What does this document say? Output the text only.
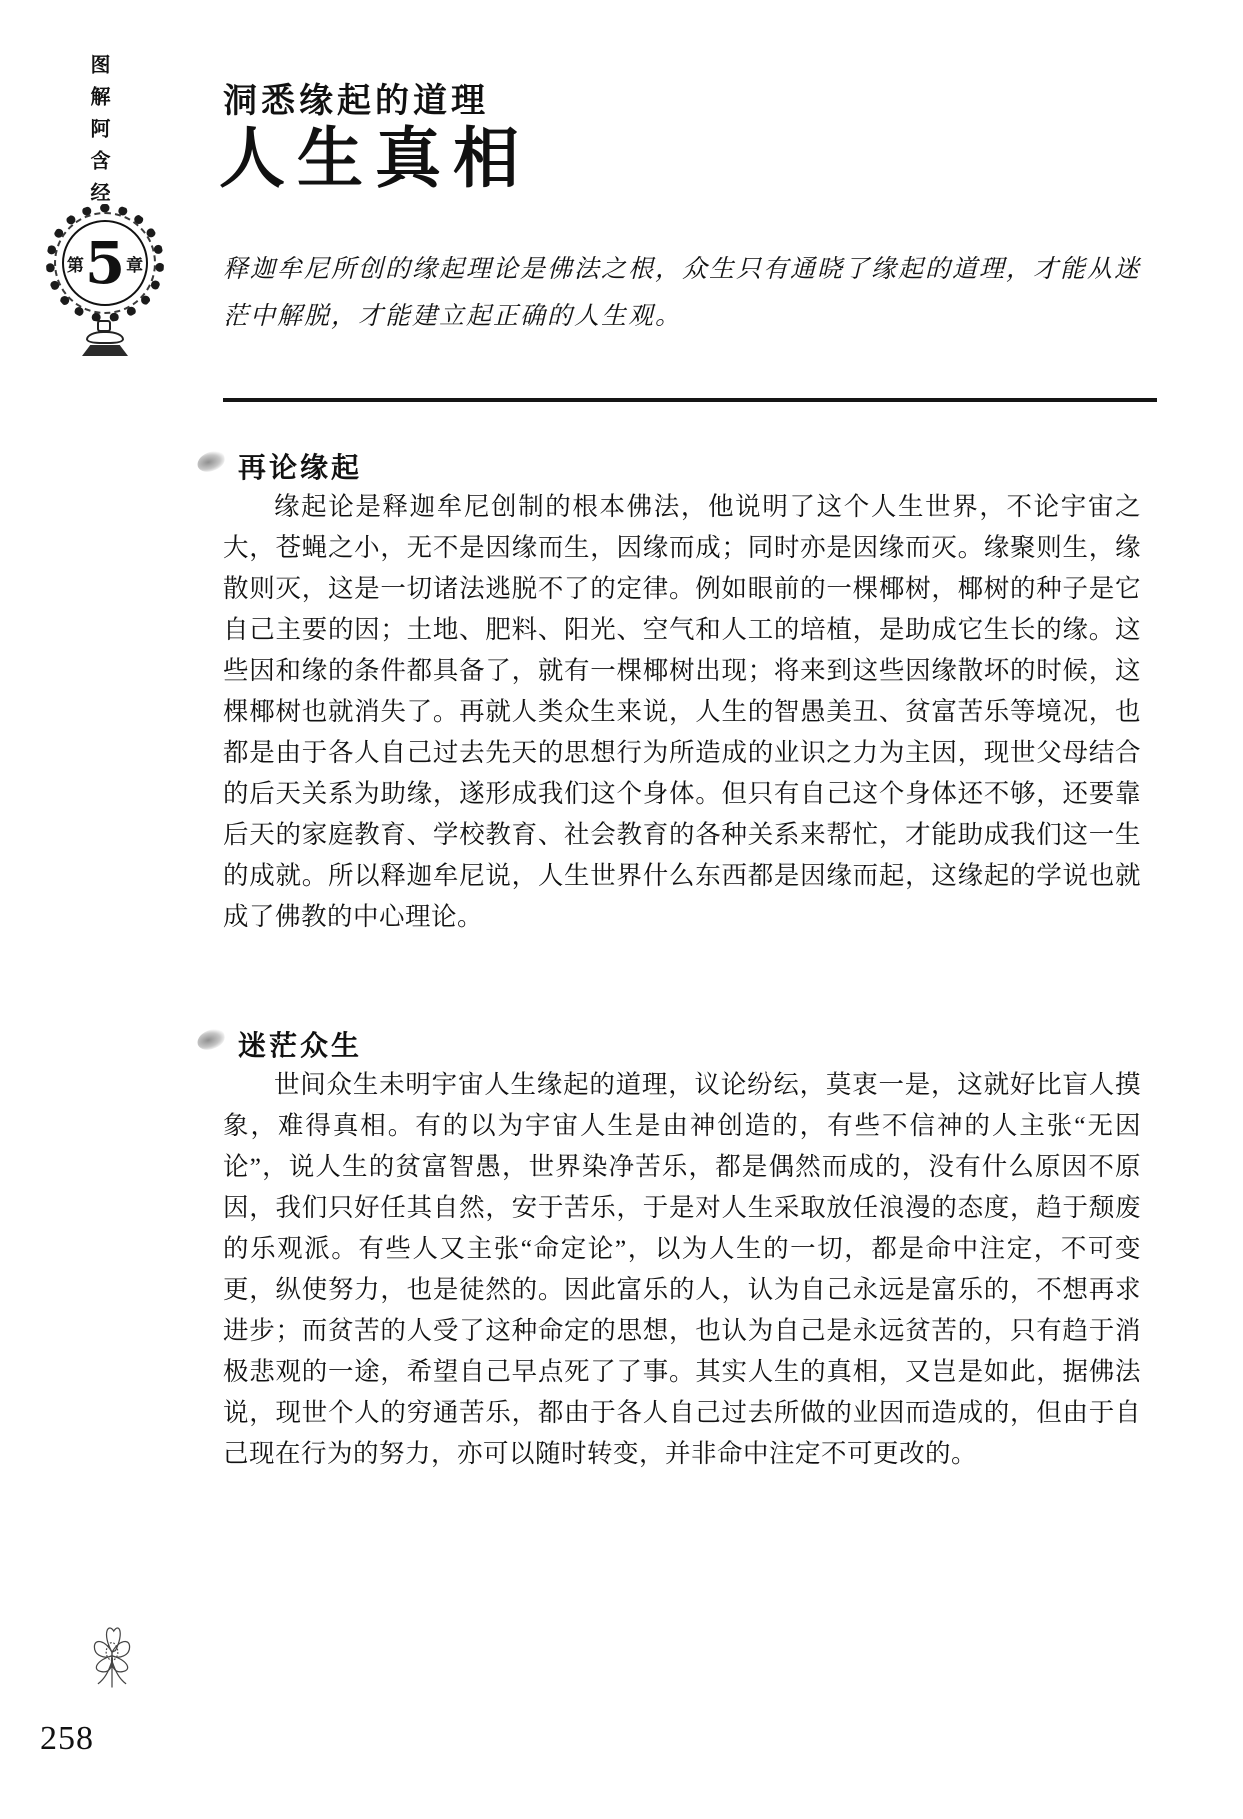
图解阿含经
第 5 章
洞悉缘起的道理
人生真相
释迦牟尼所创的缘起理论是佛法之根，众生只有通晓了缘起的道理，才能从迷茫中解脱，才能建立起正确的人生观。
再论缘起
缘起论是释迦牟尼创制的根本佛法，他说明了这个人生世界，不论宇宙之大，苍蝇之小，无不是因缘而生，因缘而成；同时亦是因缘而灭。缘聚则生，缘散则灭，这是一切诸法逃脱不了的定律。例如眼前的一棵椰树，椰树的种子是它自己主要的因；土地、肥料、阳光、空气和人工的培植，是助成它生长的缘。这些因和缘的条件都具备了，就有一棵椰树出现；将来到这些因缘散坏的时候，这棵椰树也就消失了。再就人类众生来说，人生的智愚美丑、贫富苦乐等境况，也都是由于各人自己过去先天的思想行为所造成的业识之力为主因，现世父母结合的后天关系为助缘，遂形成我们这个身体。但只有自己这个身体还不够，还要靠后天的家庭教育、学校教育、社会教育的各种关系来帮忙，才能助成我们这一生的成就。所以释迦牟尼说，人生世界什么东西都是因缘而起，这缘起的学说也就成了佛教的中心理论。
迷茫众生
世间众生未明宇宙人生缘起的道理，议论纷纭，莫衷一是，这就好比盲人摸象，难得真相。有的以为宇宙人生是由神创造的，有些不信神的人主张“无因论”，说人生的贫富智愚，世界染净苦乐，都是偶然而成的，没有什么原因不原因，我们只好任其自然，安于苦乐，于是对人生采取放任浪漫的态度，趋于颓废的乐观派。有些人又主张“命定论”，以为人生的一切，都是命中注定，不可变更，纵使努力，也是徒然的。因此富乐的人，认为自己永远是富乐的，不想再求进步；而贫苦的人受了这种命定的思想，也认为自己是永远贫苦的，只有趋于消极悲观的一途，希望自己早点死了了事。其实人生的真相，又岂是如此，据佛法说，现世个人的穷通苦乐，都由于各人自己过去所做的业因而造成的，但由于自己现在行为的努力，亦可以随时转变，并非命中注定不可更改的。
258
